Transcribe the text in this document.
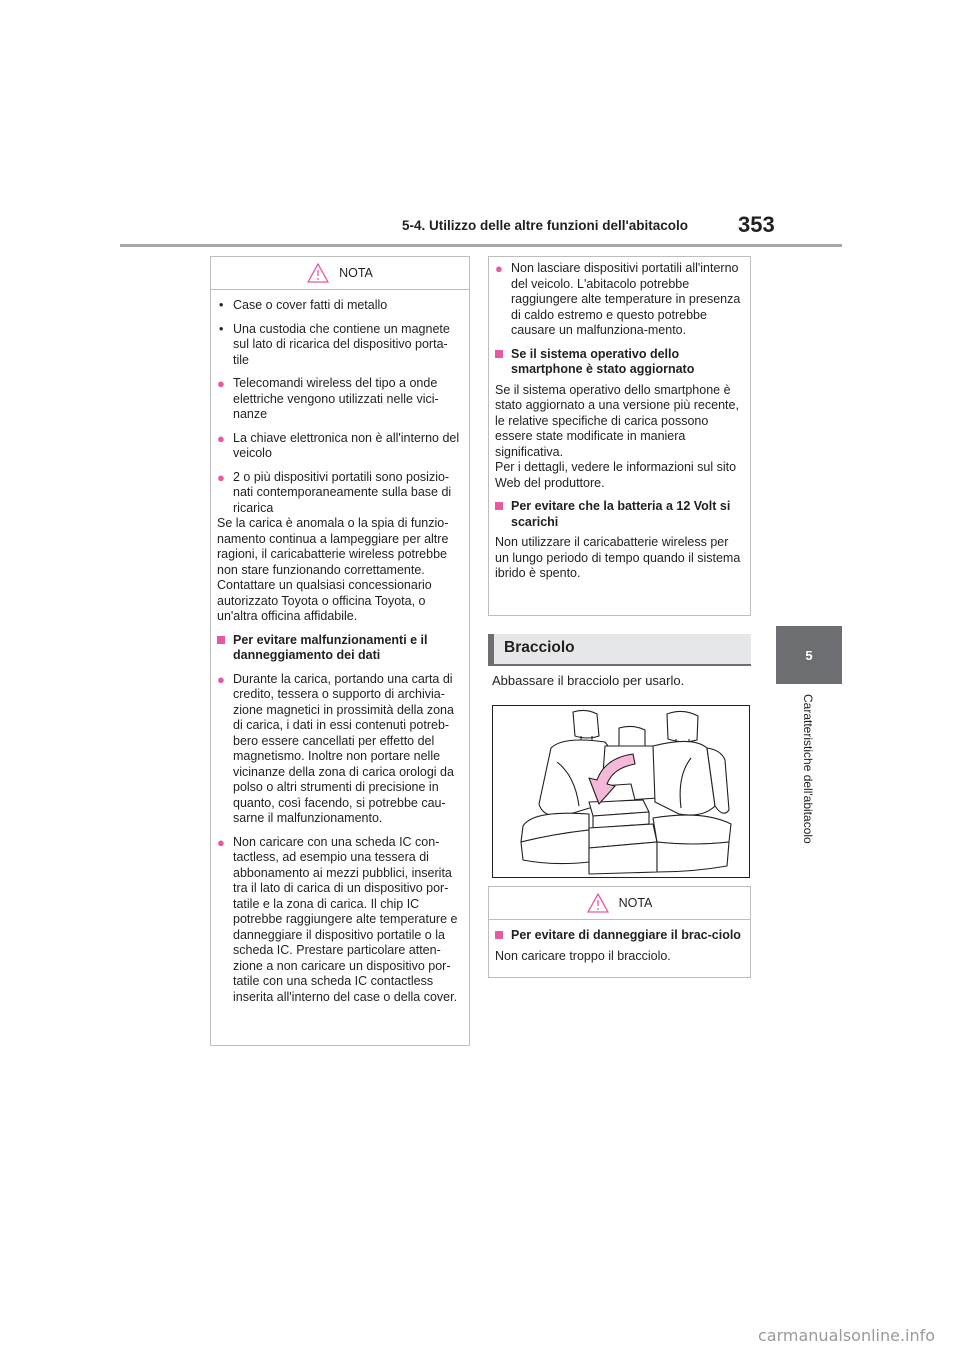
5-4. Utilizzo delle altre funzioni dell'abitacolo 353
5
Caratteristiche dell'abitacolo
NOTA
• Case o cover fatti di metallo
• Una custodia che contiene un magnete sul lato di ricarica del dispositivo porta-tile
● Telecomandi wireless del tipo a onde elettriche vengono utilizzati nelle vici-nanze
● La chiave elettronica non è all'interno del veicolo
● 2 o più dispositivi portatili sono posizio-nati contemporaneamente sulla base di ricarica

Se la carica è anomala o la spia di funzio-namento continua a lampeggiare per altre ragioni, il caricabatterie wireless potrebbe non stare funzionando correttamente. Contattare un qualsiasi concessionario autorizzato Toyota o officina Toyota, o un'altra officina affidabile.

Per evitare malfunzionamenti e il danneggiamento dei dati
● Durante la carica, portando una carta di credito, tessera o supporto di archivia-zione magnetici in prossimità della zona di carica, i dati in essi contenuti potreb-bero essere cancellati per effetto del magnetismo. Inoltre non portare nelle vicinanze della zona di carica orologi da polso o altri strumenti di precisione in quanto, così facendo, si potrebbe cau-sarne il malfunzionamento.
● Non caricare con una scheda IC con-tactless, ad esempio una tessera di abbonamento ai mezzi pubblici, inserita tra il lato di carica di un dispositivo por-tatile e la zona di carica. Il chip IC potrebbe raggiungere alte temperature e danneggiare il dispositivo portatile o la scheda IC. Prestare particolare atten-zione a non caricare un dispositivo por-tatile con una scheda IC contactless inserita all'interno del case o della cover.
● Non lasciare dispositivi portatili all'interno del veicolo. L'abitacolo potrebbe raggiungere alte temperature in presenza di caldo estremo e questo potrebbe causare un malfunziona-mento.
Se il sistema operativo dello smartphone è stato aggiornato

Se il sistema operativo dello smartphone è stato aggiornato a una versione più recente, le relative specifiche di carica possono essere state modificate in maniera significativa.

Per i dettagli, vedere le informazioni sul sito Web del produttore.

Per evitare che la batteria a 12 Volt si scarichi

Non utilizzare il caricabatterie wireless per un lungo periodo di tempo quando il sistema ibrido è spento.

Bracciolo
Abbassare il bracciolo per usarlo.
NOTA
Per evitare di danneggiare il brac-ciolo

Non caricare troppo il bracciolo.

carmanualsonline.info
